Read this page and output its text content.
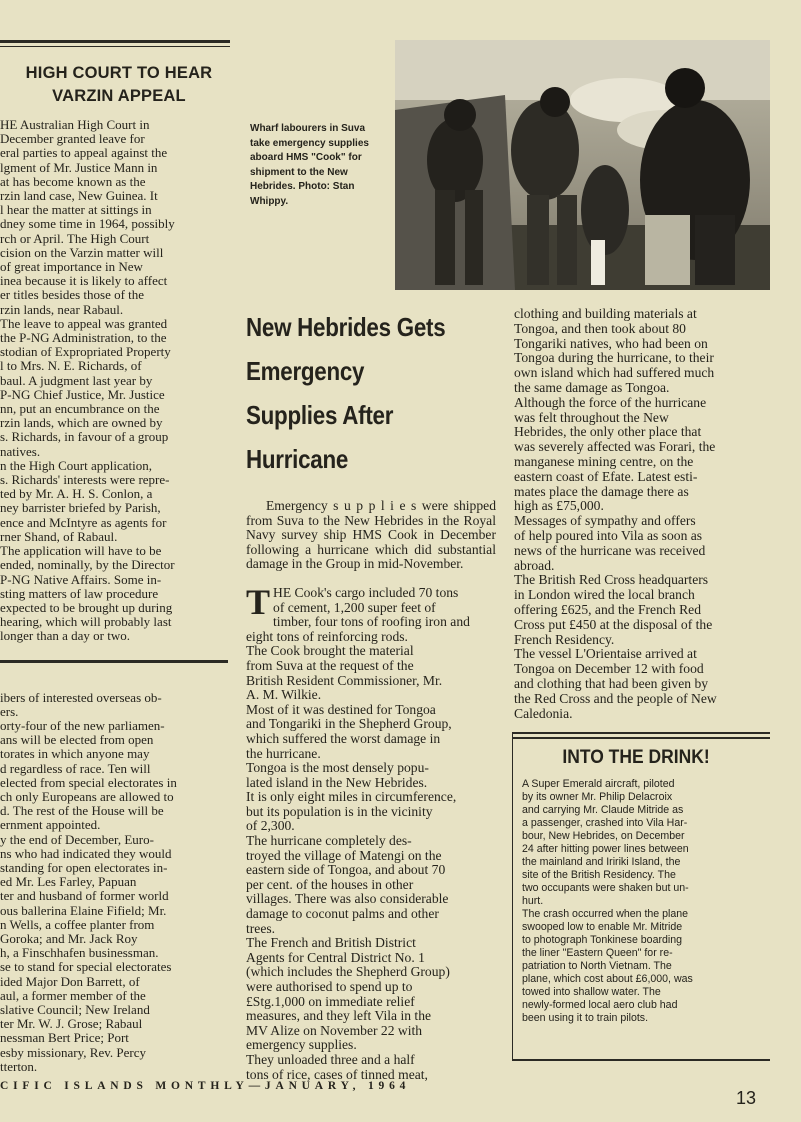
HIGH COURT TO HEAR VARZIN APPEAL

HE Australian High Court in
December granted leave for
eral parties to appeal against the
lgment of Mr. Justice Mann in
at has become known as the
rzin land case, New Guinea. It
l hear the matter at sittings in
dney some time in 1964, possibly
rch or April. The High Court
cision on the Varzin matter will
of great importance in New
inea because it is likely to affect
er titles besides those of the
rzin lands, near Rabaul.

The leave to appeal was granted
the P-NG Administration, to the
stodian of Expropriated Property
l to Mrs. N. E. Richards, of
baul. A judgment last year by
P-NG Chief Justice, Mr. Justice
nn, put an encumbrance on the
rzin lands, which are owned by
s. Richards, in favour of a group
natives.

n the High Court application,
s. Richards' interests were repre-
ted by Mr. A. H. S. Conlon, a
ney barrister briefed by Parish,
ence and McIntyre as agents for
rner Shand, of Rabaul.

The application will have to be
ended, nominally, by the Director
P-NG Native Affairs. Some in-
sting matters of law procedure
expected to be brought up during
hearing, which will probably last
longer than a day or two.

ibers of interested overseas ob-
ers.

orty-four of the new parliamen-
ans will be elected from open
torates in which anyone may
d regardless of race. Ten will
elected from special electorates in
ch only Europeans are allowed to
d. The rest of the House will be
ernment appointed.

y the end of December, Euro-
ns who had indicated they would
standing for open electorates in-
ed Mr. Les Farley, Papuan
ter and husband of former world
ous ballerina Elaine Fifield; Mr.
n Wells, a coffee planter from
Goroka; and Mr. Jack Roy
h, a Finschhafen businessman.
se to stand for special electorates
ided Major Don Barrett, of
aul, a former member of the
slative Council; New Ireland
ter Mr. W. J. Grose; Rabaul
nessman Bert Price; Port
esby missionary, Rev. Percy
tterton.

Wharf labourers in Suva take emergency supplies aboard HMS "Cook" for shipment to the New Hebrides. Photo: Stan Whippy.
New Hebrides Gets Emergency Supplies After Hurricane

Emergency s u p p l i e s were shipped from Suva to the New Hebrides in the Royal Navy survey ship HMS Cook in December following a hurricane which did substantial damage in the Group in mid-November.

THE Cook's cargo included 70 tons
of cement, 1,200 super feet of
timber, four tons of roofing iron and
eight tons of reinforcing rods.

The Cook brought the material
from Suva at the request of the
British Resident Commissioner, Mr.
A. M. Wilkie.

Most of it was destined for Tongoa
and Tongariki in the Shepherd Group,
which suffered the worst damage in
the hurricane.

Tongoa is the most densely popu-
lated island in the New Hebrides.
It is only eight miles in circumference,
but its population is in the vicinity
of 2,300.

The hurricane completely des-
troyed the village of Matengi on the
eastern side of Tongoa, and about 70
per cent. of the houses in other
villages. There was also considerable
damage to coconut palms and other
trees.

The French and British District
Agents for Central District No. 1
(which includes the Shepherd Group)
were authorised to spend up to
£Stg.1,000 on immediate relief
measures, and they left Vila in the
MV Alize on November 22 with
emergency supplies.

They unloaded three and a half
tons of rice, cases of tinned meat,

clothing and building materials at
Tongoa, and then took about 80
Tongariki natives, who had been on
Tongoa during the hurricane, to their
own island which had suffered much
the same damage as Tongoa.

Although the force of the hurricane
was felt throughout the New
Hebrides, the only other place that
was severely affected was Forari, the
manganese mining centre, on the
eastern coast of Efate. Latest esti-
mates place the damage there as
high as £75,000.

Messages of sympathy and offers
of help poured into Vila as soon as
news of the hurricane was received
abroad.

The British Red Cross headquarters
in London wired the local branch
offering £625, and the French Red
Cross put £450 at the disposal of the
French Residency.

The vessel L'Orientaise arrived at
Tongoa on December 12 with food
and clothing that had been given by
the Red Cross and the people of New
Caledonia.

INTO THE DRINK!

A Super Emerald aircraft, piloted
by its owner Mr. Philip Delacroix
and carrying Mr. Claude Mitride as
a passenger, crashed into Vila Har-
bour, New Hebrides, on December
24 after hitting power lines between
the mainland and Iririki Island, the
site of the British Residency. The
two occupants were shaken but un-
hurt.

The crash occurred when the plane
swooped low to enable Mr. Mitride
to photograph Tonkinese boarding
the liner "Eastern Queen" for re-
patriation to North Vietnam. The
plane, which cost about £6,000, was
towed into shallow water. The
newly-formed local aero club had
been using it to train pilots.

CIFIC ISLANDS MONTHLY—JANUARY, 1964
13
